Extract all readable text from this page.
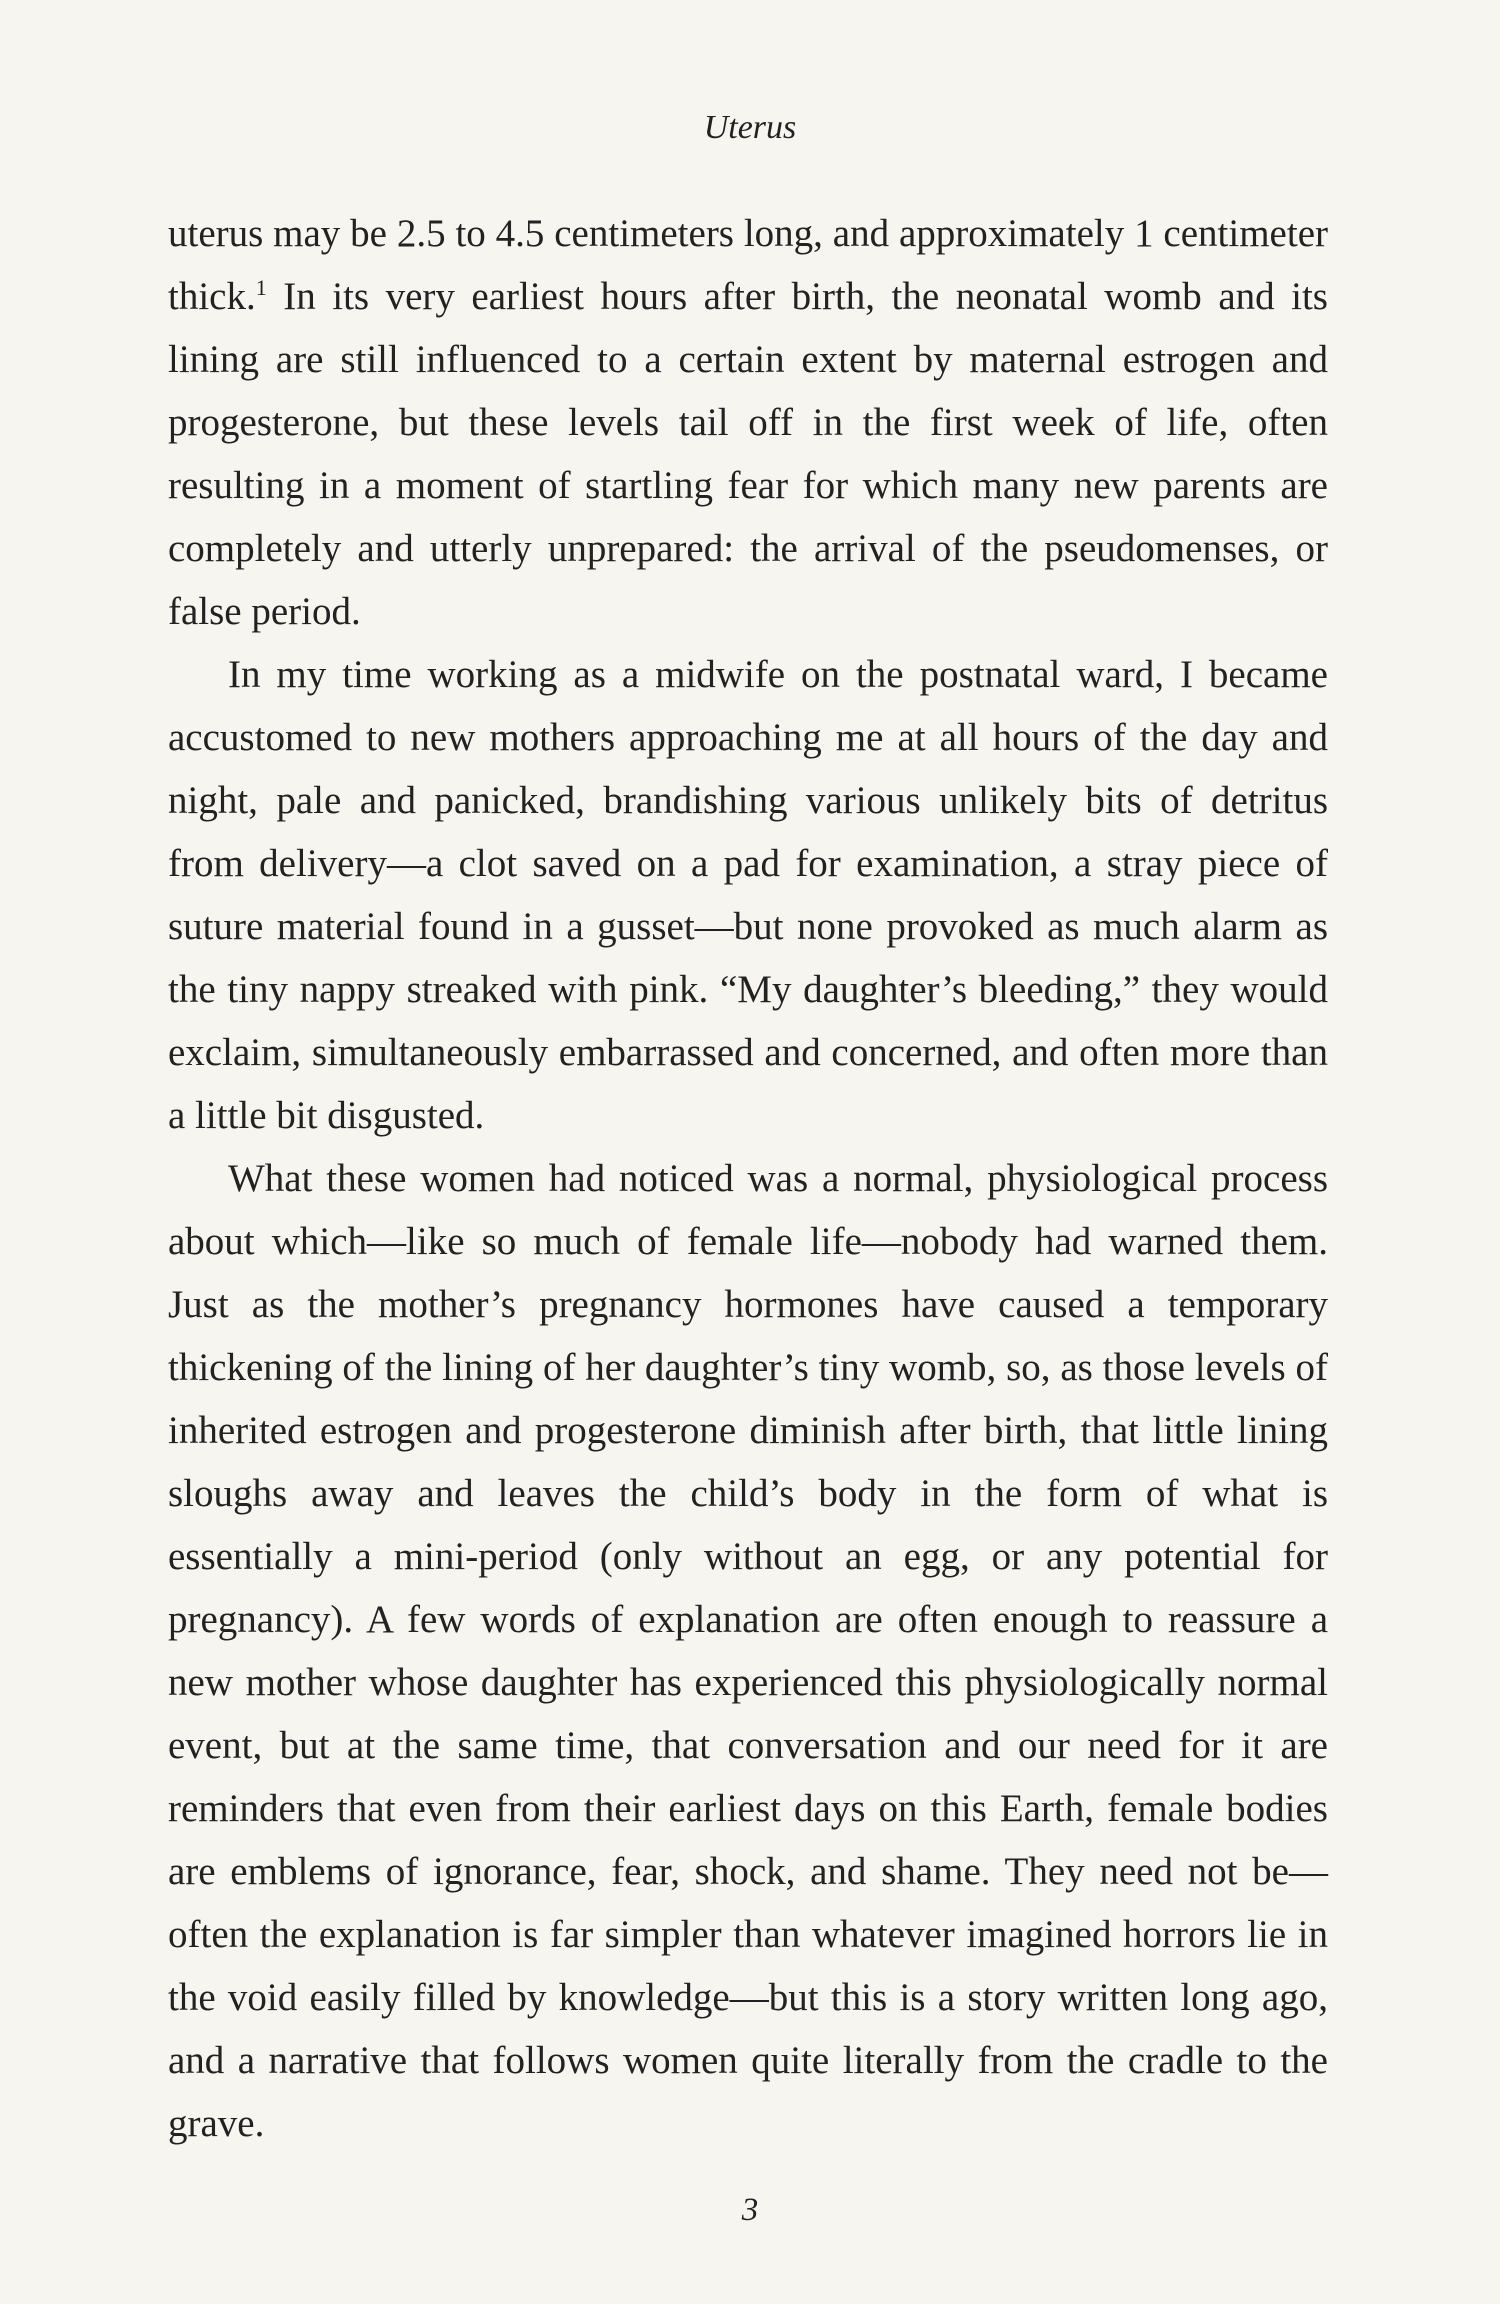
Uterus

uterus may be 2.5 to 4.5 centimeters long, and approximately 1 centimeter thick.$^1$ In its very earliest hours after birth, the neonatal womb and its lining are still influenced to a certain extent by maternal estrogen and progesterone, but these levels tail off in the first week of life, often resulting in a moment of startling fear for which many new parents are completely and utterly unprepared: the arrival of the pseudomenses, or false period.

In my time working as a midwife on the postnatal ward, I became accustomed to new mothers approaching me at all hours of the day and night, pale and panicked, brandishing various unlikely bits of detritus from delivery—a clot saved on a pad for examination, a stray piece of suture material found in a gusset—but none provoked as much alarm as the tiny nappy streaked with pink. “My daughter’s bleeding,” they would exclaim, simultaneously embarrassed and concerned, and often more than a little bit disgusted.

What these women had noticed was a normal, physiological process about which—like so much of female life—nobody had warned them. Just as the mother’s pregnancy hormones have caused a temporary thickening of the lining of her daughter’s tiny womb, so, as those levels of inherited estrogen and progesterone diminish after birth, that little lining sloughs away and leaves the child’s body in the form of what is essentially a mini-period (only without an egg, or any potential for pregnancy). A few words of explanation are often enough to reassure a new mother whose daughter has experienced this physiologically normal event, but at the same time, that conversation and our need for it are reminders that even from their earliest days on this Earth, female bodies are emblems of ignorance, fear, shock, and shame. They need not be—often the explanation is far simpler than whatever imagined horrors lie in the void easily filled by knowledge—but this is a story written long ago, and a narrative that follows women quite literally from the cradle to the grave.

3
